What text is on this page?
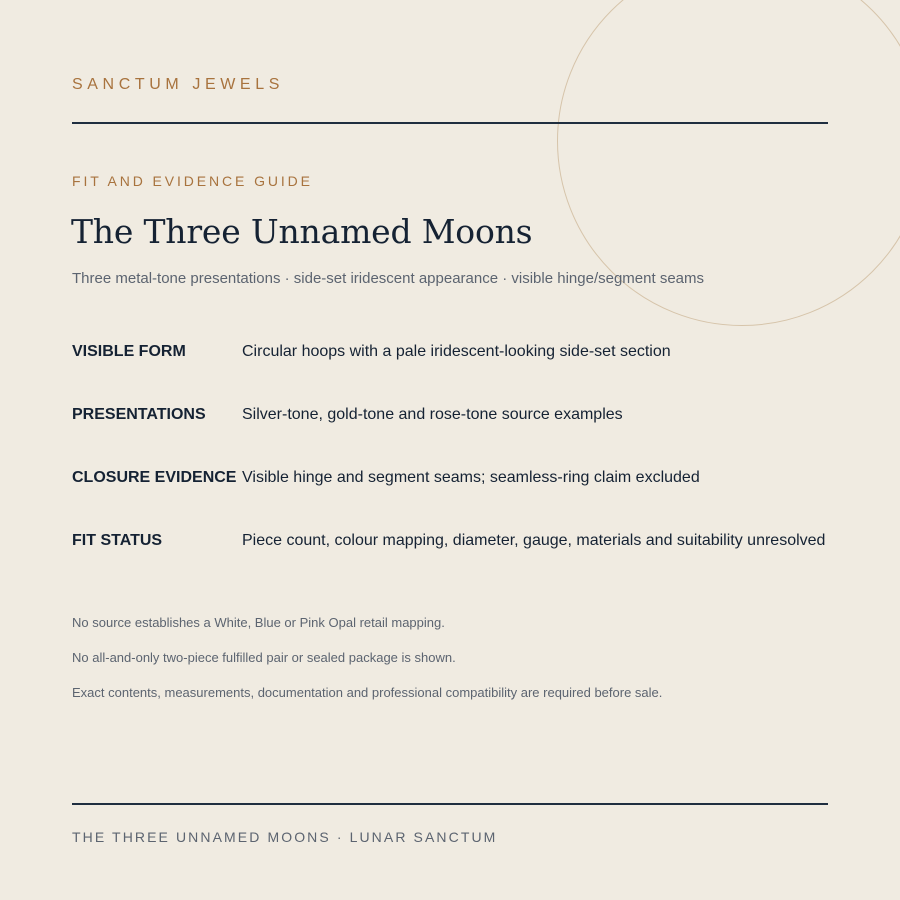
SANCTUM JEWELS
FIT AND EVIDENCE GUIDE
The Three Unnamed Moons
Three metal-tone presentations · side-set iridescent appearance · visible hinge/segment seams
VISIBLE FORM	Circular hoops with a pale iridescent-looking side-set section
PRESENTATIONS Silver-tone, gold-tone and rose-tone source examples
CLOSURE EVIDENCE Visible hinge and segment seams; seamless-ring claim excluded
FIT STATUS	Piece count, colour mapping, diameter, gauge, materials and suitability unresolved
No source establishes a White, Blue or Pink Opal retail mapping.
No all-and-only two-piece fulfilled pair or sealed package is shown.
Exact contents, measurements, documentation and professional compatibility are required before sale.
THE THREE UNNAMED MOONS · LUNAR SANCTUM
